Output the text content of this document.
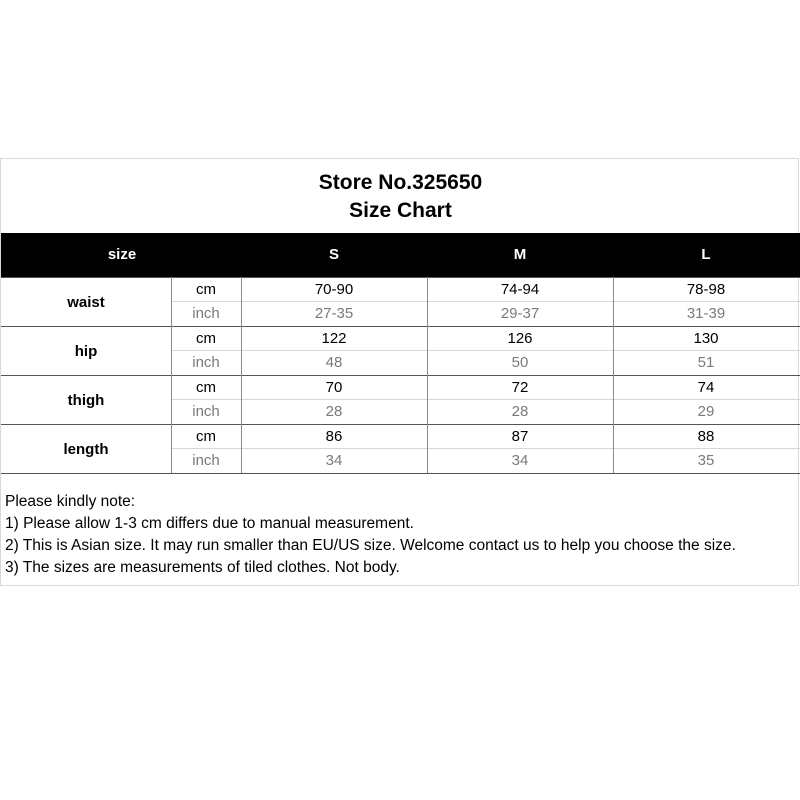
Store No.325650
Size Chart
size	S	M	L
waist
cm	70-90	74-94	78-98
inch	27-35	29-37	31-39
hip
cm	122	126	130
inch	48	50	51
thigh
cm	70	72	74
inch	28	28	29
length
cm	86	87	88
inch	34	34	35
Please kindly note:
1) Please allow 1-3 cm differs due to manual measurement.
2) This is Asian size. It may run smaller than EU/US size. Welcome contact us to help you choose the size.
3) The sizes are measurements of tiled clothes. Not body.
